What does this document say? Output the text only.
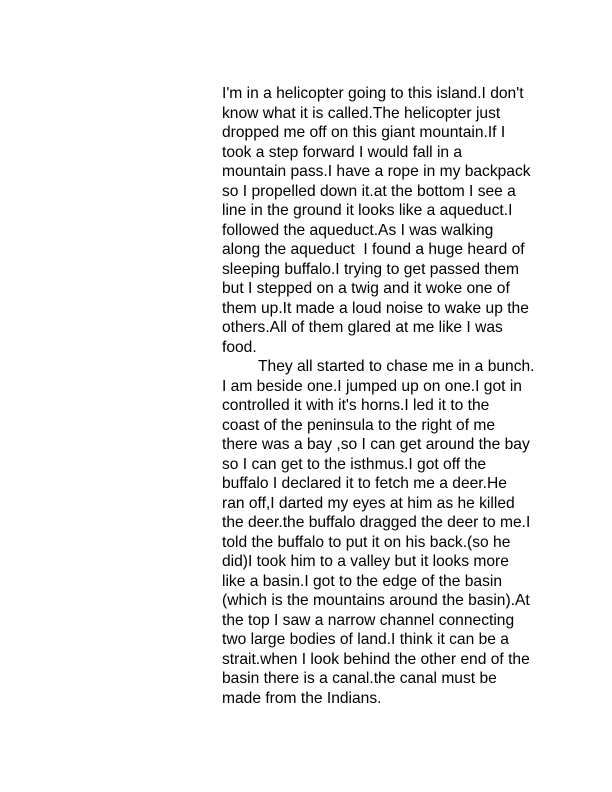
I'm in a helicopter going to this island.I don't
know what it is called.The helicopter just
dropped me off on this giant mountain.If I
took a step forward I would fall in a
mountain pass.I have a rope in my backpack
so I propelled down it.at the bottom I see a
line in the ground it looks like a aqueduct.I
followed the aqueduct.As I was walking
along the aqueduct  I found a huge heard of
sleeping buffalo.I trying to get passed them
but I stepped on a twig and it woke one of
them up.It made a loud noise to wake up the
others.All of them glared at me like I was
food.
They all started to chase me in a bunch.
I am beside one.I jumped up on one.I got in
controlled it with it's horns.I led it to the
coast of the peninsula to the right of me
there was a bay ,so I can get around the bay
so I can get to the isthmus.I got off the
buffalo I declared it to fetch me a deer.He
ran off,I darted my eyes at him as he killed
the deer.the buffalo dragged the deer to me.I
told the buffalo to put it on his back.(so he
did)I took him to a valley but it looks more
like a basin.I got to the edge of the basin
(which is the mountains around the basin).At
the top I saw a narrow channel connecting
two large bodies of land.I think it can be a
strait.when I look behind the other end of the
basin there is a canal.the canal must be
made from the Indians.
